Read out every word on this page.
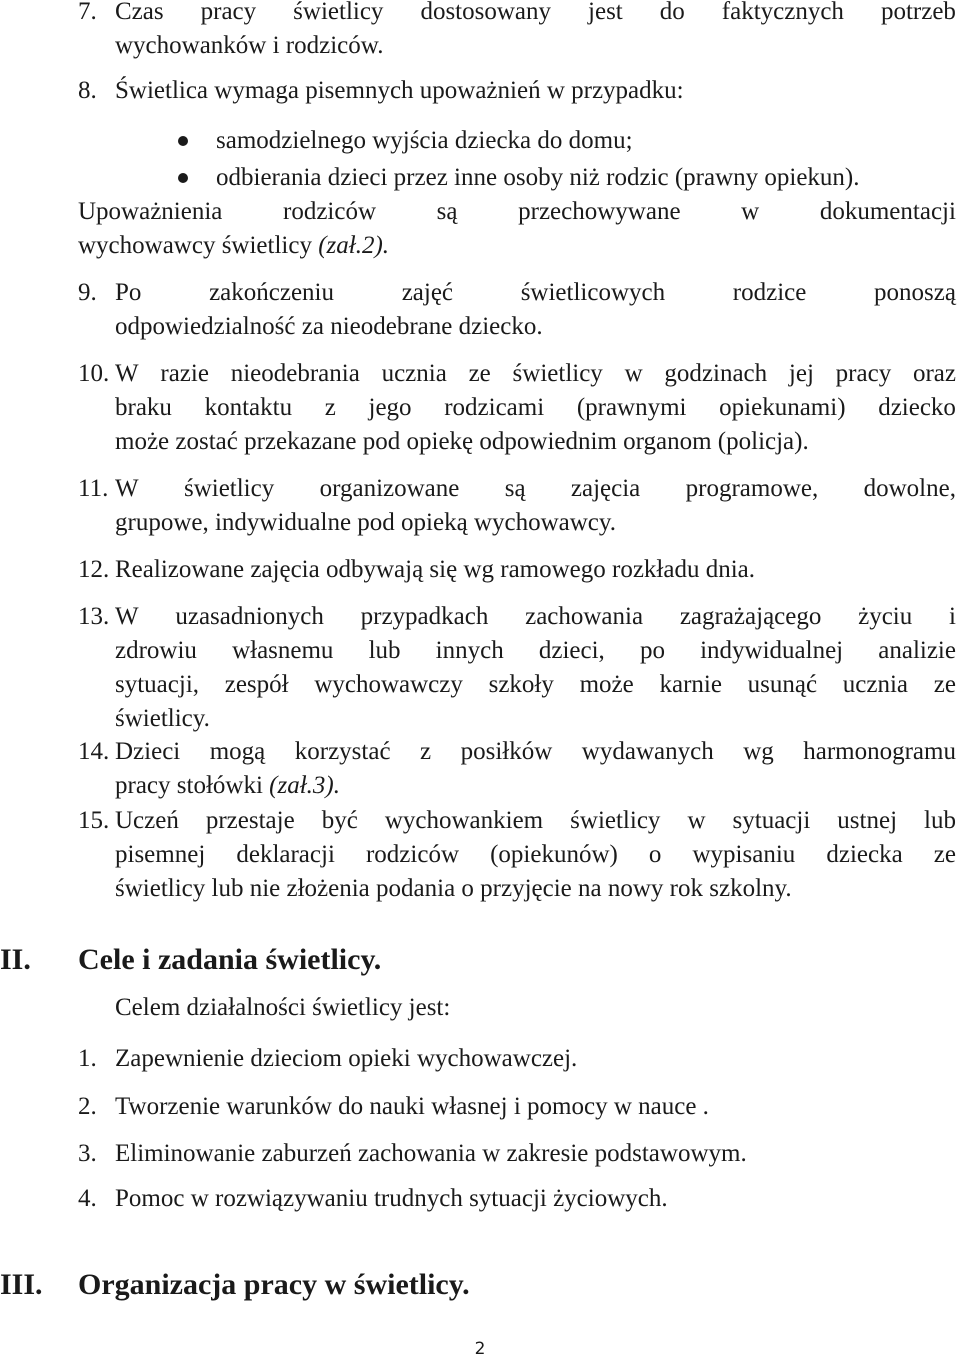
7. Czas pracy świetlicy dostosowany jest do faktycznych potrzeb
wychowanków i rodziców.
8. Świetlica wymaga pisemnych upoważnień w przypadku:
samodzielnego wyjścia dziecka do domu;
odbierania dzieci przez inne osoby niż rodzic (prawny opiekun).
Upoważnienia rodziców są przechowywane w dokumentacji
wychowawcy świetlicy (zał.2).
9. Po	zakończeniu	zajęć	świetlicowych	rodzice	ponoszą
odpowiedzialność za nieodebrane dziecko.
10. W razie nieodebrania ucznia ze świetlicy w godzinach jej pracy oraz
braku kontaktu z jego rodzicami (prawnymi opiekunami) dziecko
może zostać przekazane pod opiekę odpowiednim organom (policja).
11. W świetlicy organizowane są zajęcia programowe, dowolne,
grupowe, indywidualne pod opieką wychowawcy.
12. Realizowane zajęcia odbywają się wg ramowego rozkładu dnia.
13. W uzasadnionych przypadkach zachowania zagrażającego życiu i
zdrowiu własnemu lub innych dzieci, po indywidualnej analizie
sytuacji, zespół wychowawczy szkoły może karnie usunąć ucznia ze
świetlicy.
14. Dzieci mogą korzystać z posiłków wydawanych wg harmonogramu
pracy stołówki (zał.3).
15. Uczeń przestaje być wychowankiem świetlicy w sytuacji ustnej lub
pisemnej deklaracji rodziców (opiekunów) o wypisaniu dziecka ze
świetlicy lub nie złożenia podania o przyjęcie na nowy rok szkolny.
II. Cele i zadania świetlicy.
Celem działalności świetlicy jest:
1. Zapewnienie dzieciom opieki wychowawczej.
2. Tworzenie warunków do nauki własnej i pomocy w nauce .
3. Eliminowanie zaburzeń zachowania w zakresie podstawowym.
4. Pomoc w rozwiązywaniu trudnych sytuacji życiowych.
III. Organizacja pracy w świetlicy.
2
